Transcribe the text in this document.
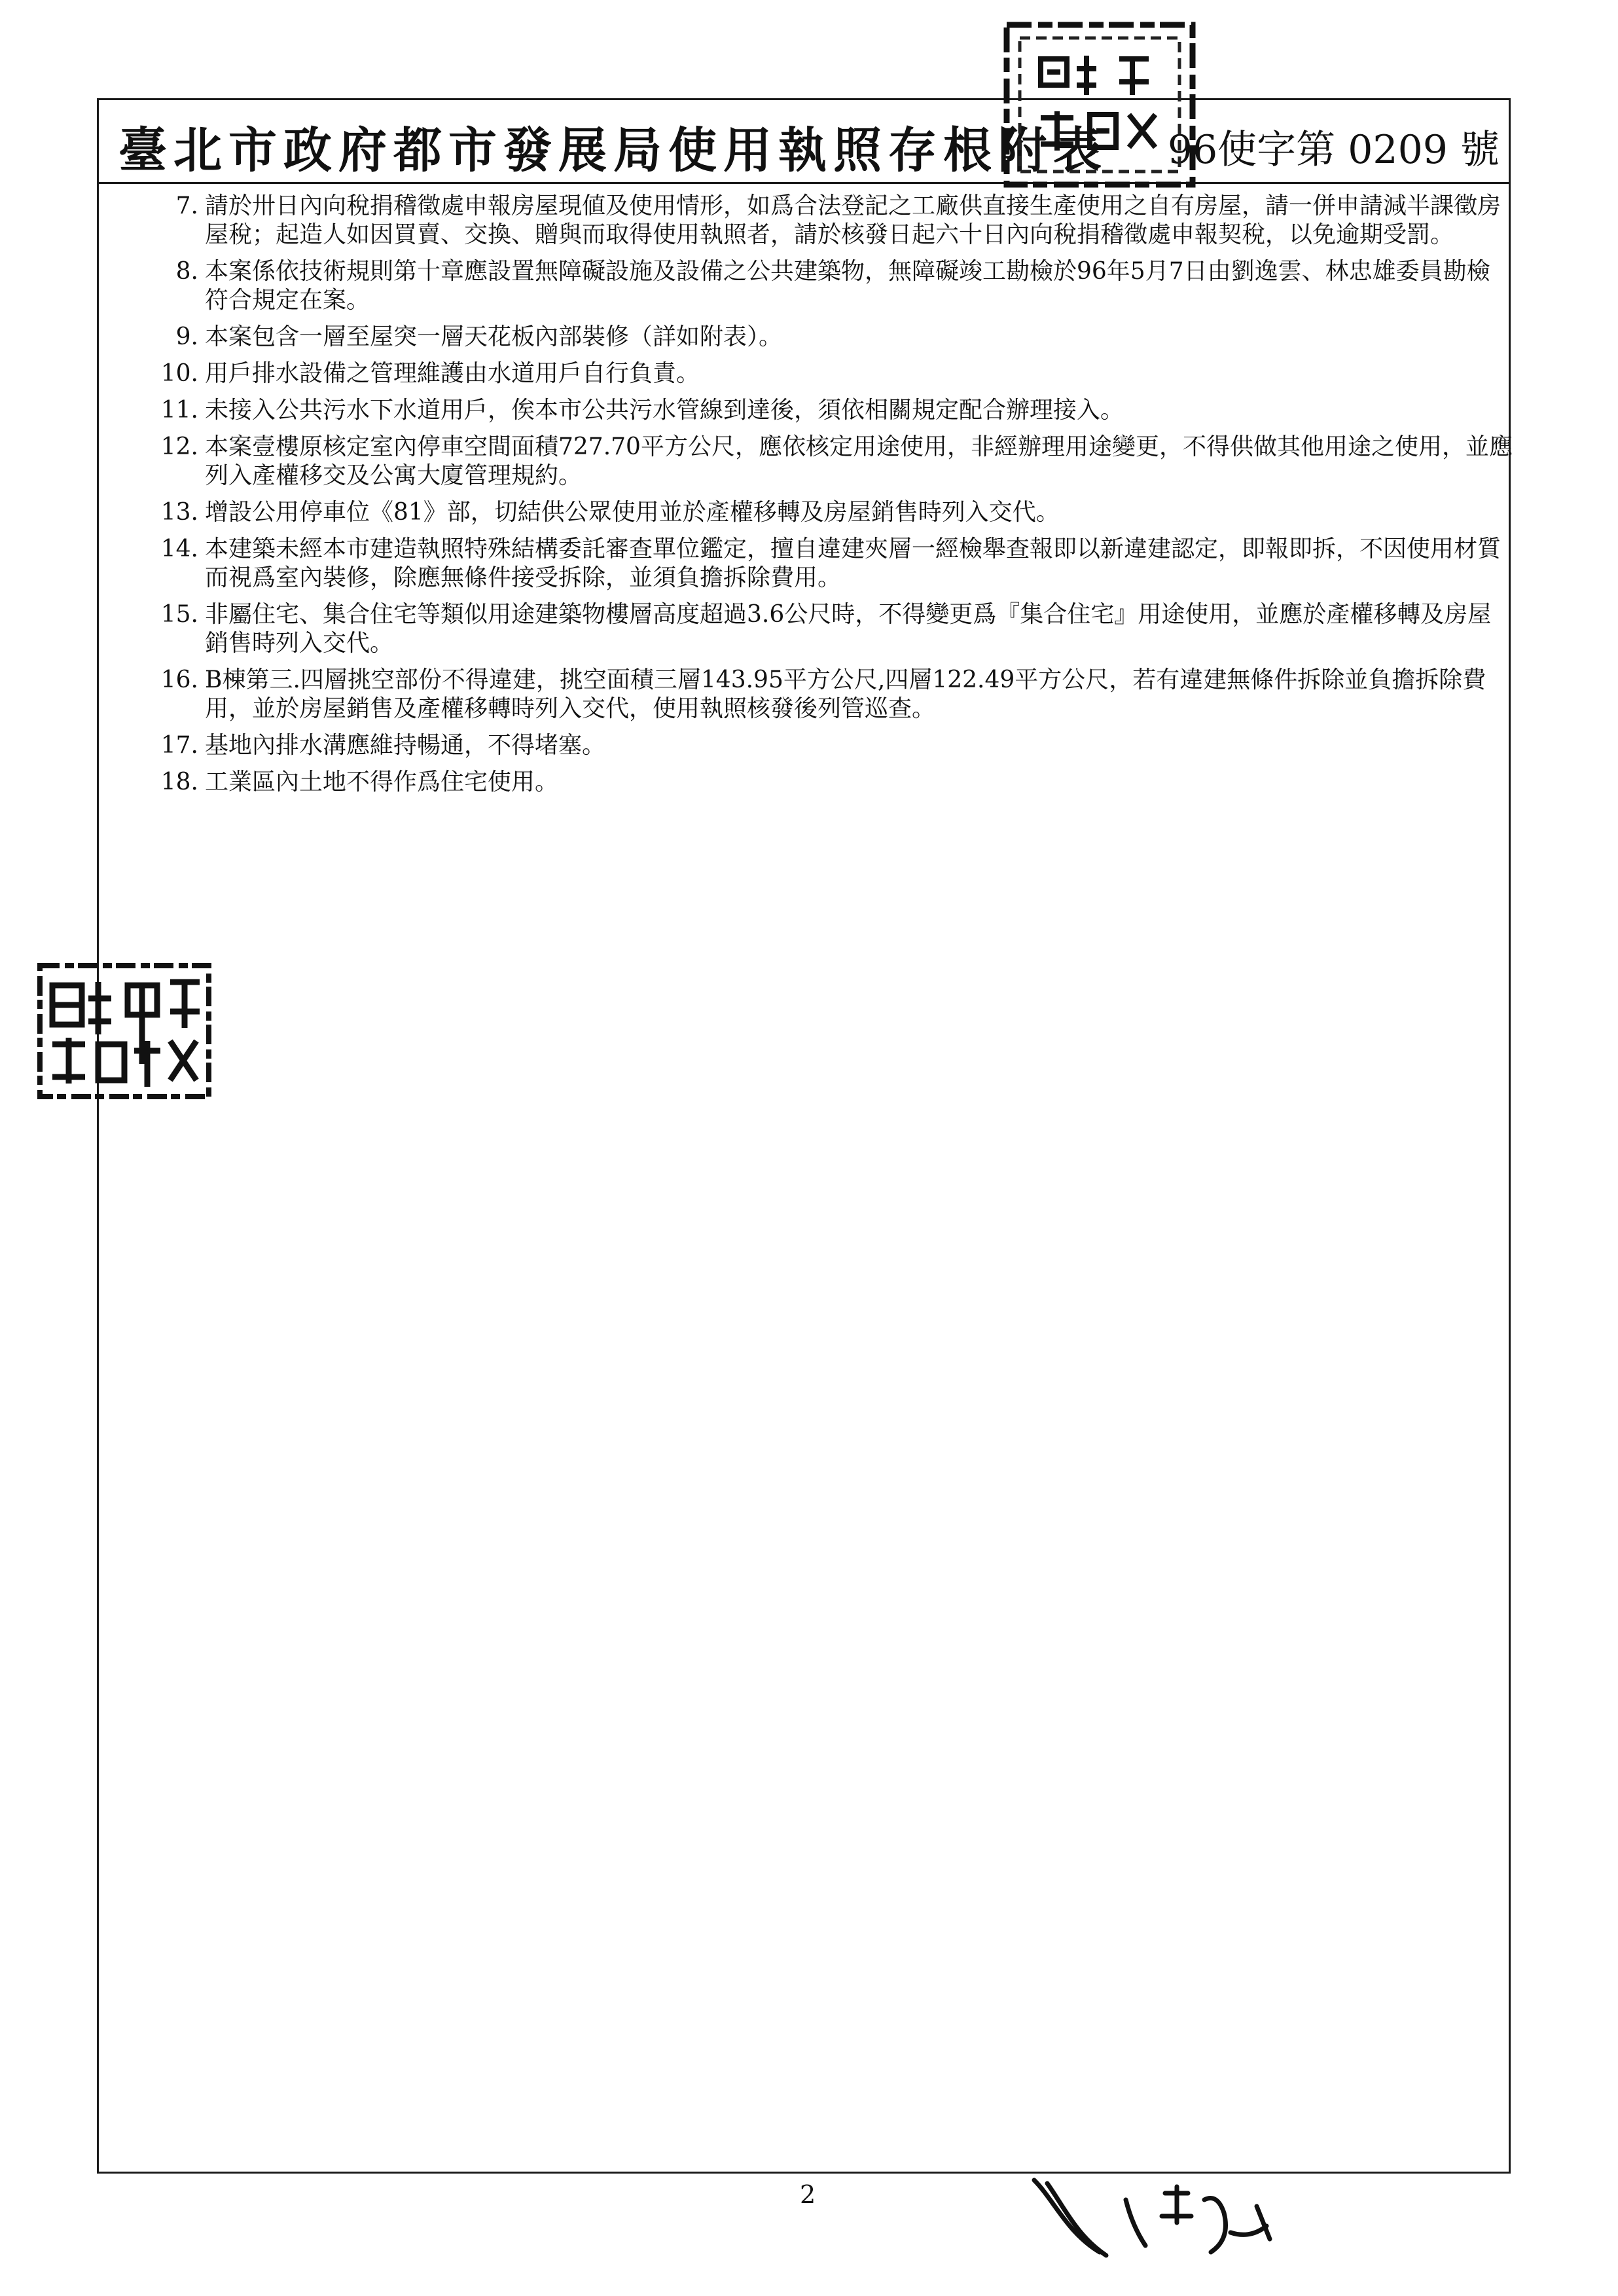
臺北市政府都市發展局使用執照存根附表 96使字第 0209 號
7. 請於卅日內向稅捐稽徵處申報房屋現値及使用情形，如爲合法登記之工廠供直接生產使用之自有房屋，請一併申請減半課徵房屋稅；起造人如因買賣、交換、贈與而取得使用執照者，請於核發日起六十日內向稅捐稽徵處申報契稅，以免逾期受罰。
8. 本案係依技術規則第十章應設置無障礙設施及設備之公共建築物，無障礙竣工勘檢於96年5月7日由劉逸雲、林忠雄委員勘檢符合規定在案。
9. 本案包含一層至屋突一層天花板內部裝修（詳如附表）。
10. 用戶排水設備之管理維護由水道用戶自行負責。
11. 未接入公共污水下水道用戶，俟本市公共污水管線到達後，須依相關規定配合辦理接入。
12. 本案壹樓原核定室內停車空間面積727.70平方公尺，應依核定用途使用，非經辦理用途變更，不得供做其他用途之使用，並應列入產權移交及公寓大廈管理規約。
13. 增設公用停車位《81》部，切結供公眾使用並於產權移轉及房屋銷售時列入交代。
14. 本建築未經本市建造執照特殊結構委託審查單位鑑定，擅自違建夾層一經檢舉查報即以新違建認定，即報即拆，不因使用材質而視爲室內裝修，除應無條件接受拆除，並須負擔拆除費用。
15. 非屬住宅、集合住宅等類似用途建築物樓層高度超過3.6公尺時，不得變更爲『集合住宅』用途使用，並應於產權移轉及房屋銷售時列入交代。
16. B棟第三.四層挑空部份不得違建，挑空面積三層143.95平方公尺,四層122.49平方公尺，若有違建無條件拆除並負擔拆除費用，並於房屋銷售及產權移轉時列入交代，使用執照核發後列管巡查。
17. 基地內排水溝應維持暢通，不得堵塞。
18. 工業區內土地不得作爲住宅使用。
2
